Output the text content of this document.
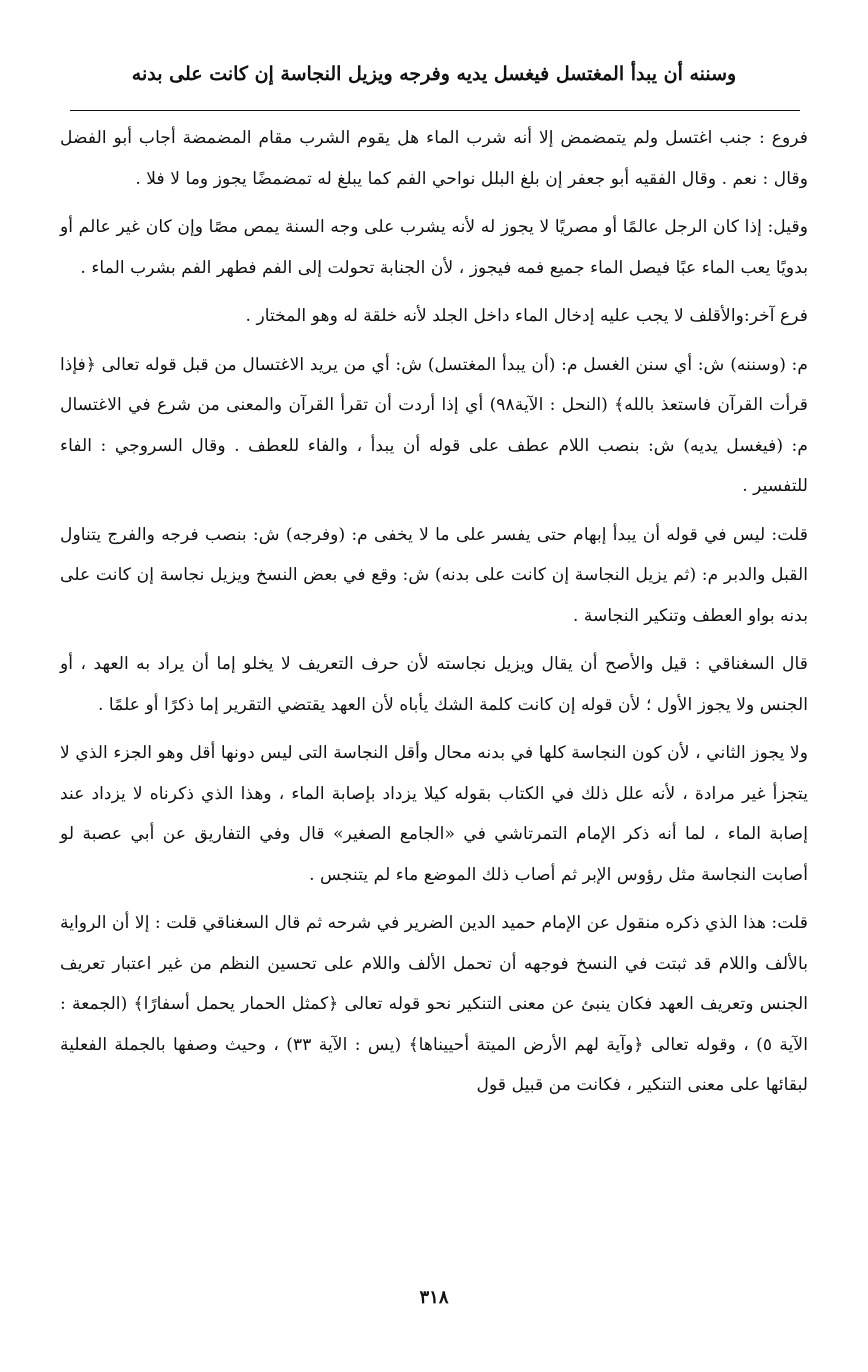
وسننه أن يبدأ المغتسل فيغسل يديه وفرجه ويزيل النجاسة إن كانت على بدنه

فروع : جنب اغتسل ولم يتمضمض إلا أنه شرب الماء هل يقوم الشرب مقام المضمضة أجاب أبو الفضل وقال : نعم . وقال الفقيه أبو جعفر إن بلغ البلل نواحي الفم كما يبلغ له تمضمضًا يجوز وما لا فلا .

وقيل: إذا كان الرجل عالمًا أو مصريًا لا يجوز له لأنه يشرب على وجه السنة يمص مصًا وإن كان غير عالم أو بدويًا يعب الماء عبًا فيصل الماء جميع فمه فيجوز ، لأن الجنابة تحولت إلى الفم فطهر الفم بشرب الماء .

فرع آخر:والأقلف لا يجب عليه إدخال الماء داخل الجلد لأنه خلقة له وهو المختار .

م: (وسننه) ش: أي سنن الغسل م: (أن يبدأ المغتسل) ش: أي من يريد الاغتسال من قبل قوله تعالى ﴿فإذا قرأت القرآن فاستعذ بالله﴾ (النحل : الآية٩٨) أي إذا أردت أن تقرأ القرآن والمعنى من شرع في الاغتسال م: (فيغسل يديه) ش: بنصب اللام عطف على قوله أن يبدأ ، والفاء للعطف . وقال السروجي : الفاء للتفسير .

قلت: ليس في قوله أن يبدأ إبهام حتى يفسر على ما لا يخفى م: (وفرجه) ش: بنصب فرجه والفرج يتناول القبل والدبر م: (ثم يزيل النجاسة إن كانت على بدنه) ش: وقع في بعض النسخ ويزيل نجاسة إن كانت على بدنه بواو العطف وتنكير النجاسة .

قال السغناقي : قيل والأصح أن يقال ويزيل نجاسته لأن حرف التعريف لا يخلو إما أن يراد به العهد ، أو الجنس ولا يجوز الأول ؛ لأن قوله إن كانت كلمة الشك يأباه لأن العهد يقتضي التقرير إما ذكرًا أو علمًا .

ولا يجوز الثاني ، لأن كون النجاسة كلها في بدنه محال وأقل النجاسة التى ليس دونها أقل وهو الجزء الذي لا يتجزأ غير مرادة ، لأنه علل ذلك في الكتاب بقوله كيلا يزداد بإصابة الماء ، وهذا الذي ذكرناه لا يزداد عند إصابة الماء ، لما أنه ذكر الإمام التمرتاشي في «الجامع الصغير» قال وفي التفاريق عن أبي عصبة لو أصابت النجاسة مثل رؤوس الإبر ثم أصاب ذلك الموضع ماء لم يتنجس .

قلت: هذا الذي ذكره منقول عن الإمام حميد الدين الضرير في شرحه ثم قال السغناقي قلت : إلا أن الرواية بالألف واللام قد ثبتت في النسخ فوجهه أن تحمل الألف واللام على تحسين النظم من غير اعتبار تعريف الجنس وتعريف العهد فكان ينبئ عن معنى التنكير نحو قوله تعالى ﴿كمثل الحمار يحمل أسفارًا﴾ (الجمعة : الآية ٥) ، وقوله تعالى ﴿وآية لهم الأرض الميتة أحييناها﴾ (يس : الآية ٣٣) ، وحيث وصفها بالجملة الفعلية لبقائها على معنى التنكير ، فكانت من قبيل قول

٣١٨
